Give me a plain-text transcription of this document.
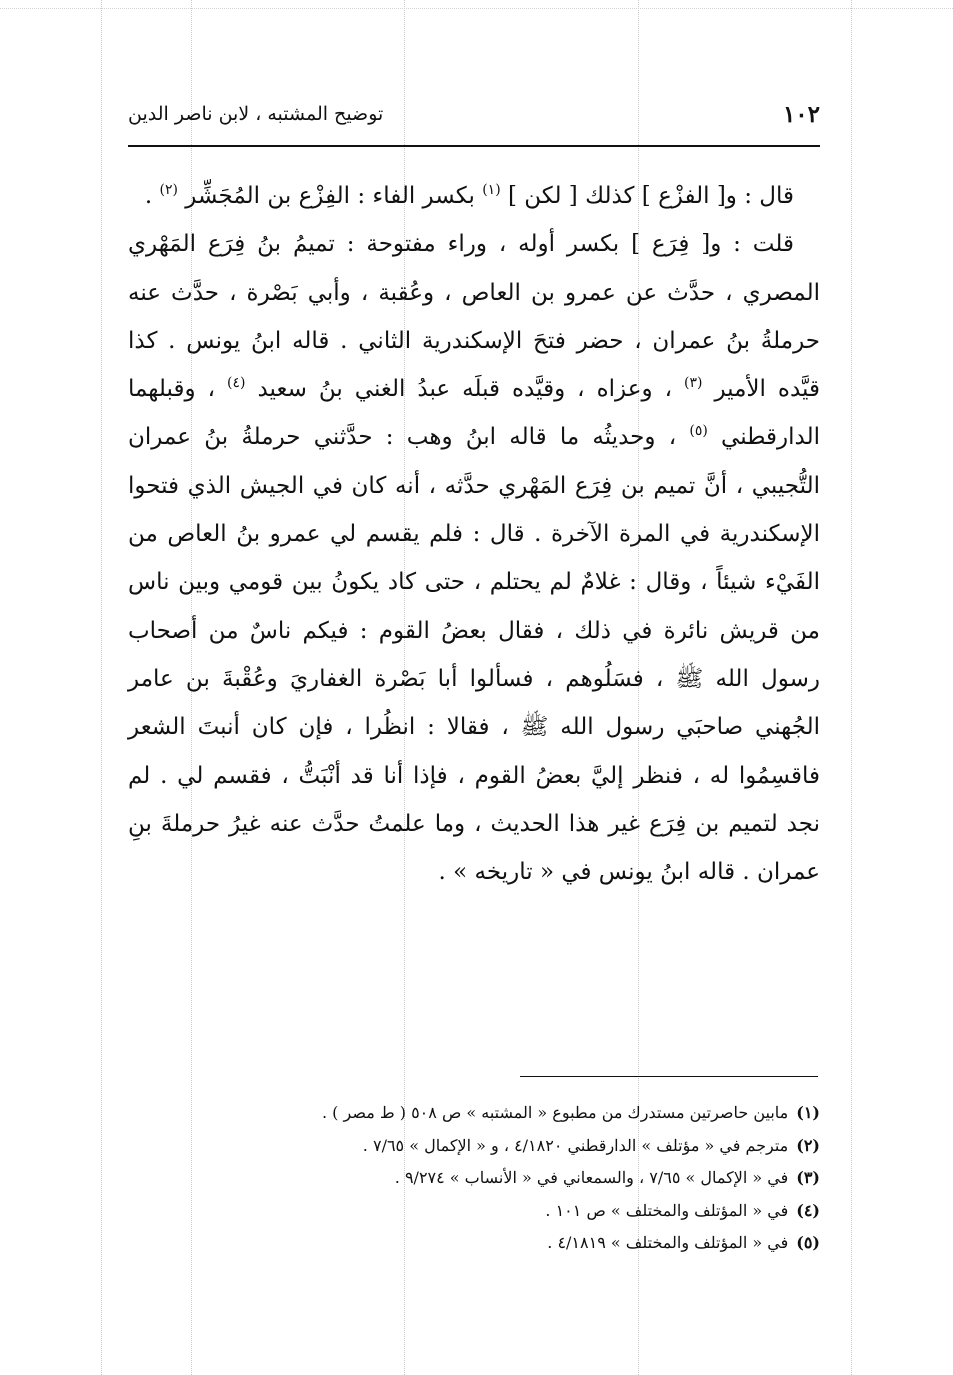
١٠٢
توضيح المشتبه ، لابن ناصر الدين

قال : و[ الفزْع ] كذلك [ لكن ] $^{(١)}$ بكسر الفاء : الفِزْع بن المُجَشِّر $^{(٢)}$ .

قلت : و[ فِرَع ] بكسر أوله ، وراء مفتوحة : تميمُ بنُ فِرَع المَهْري المصري ، حدَّث عن عمرو بن العاص ، وعُقبة ، وأبي بَصْرة ، حدَّث عنه حرملةُ بنُ عمران ، حضر فتحَ الإسكندرية الثاني . قاله ابنُ يونس . كذا قيَّده الأمير $^{(٣)}$ ، وعزاه ، وقيَّده قبلَه عبدُ الغني بنُ سعيد $^{(٤)}$ ، وقبلهما الدارقطني $^{(٥)}$ ، وحديثُه ما قاله ابنُ وهب : حدَّثني حرملةُ بنُ عمران التُّجيبي ، أنَّ تميم بن فِرَع المَهْري حدَّثه ، أنه كان في الجيش الذي فتحوا الإسكندرية في المرة الآخرة . قال : فلم يقسم لي عمرو بنُ العاص من الفَيْء شيئاً ، وقال : غلامٌ لم يحتلم ، حتى كاد يكونُ بين قومي وبين ناس من قريش نائرة في ذلك ، فقال بعضُ القوم : فيكم ناسٌ من أصحاب رسول الله ﷺ ، فسَلُوهم ، فسألوا أبا بَصْرة الغفاريَ وعُقْبةَ بن عامر الجُهني صاحبَي رسول الله ﷺ ، فقالا : انظُرا ، فإن كان أنبتَ الشعر فاقسِمُوا له ، فنظر إليَّ بعضُ القوم ، فإذا أنا قد أنْبَتُّ ، فقسم لي . لم نجد لتميم بن فِرَع غير هذا الحديث ، وما علمتُ حدَّث عنه غيرُ حرملةَ بنِ عمران . قاله ابنُ يونس في « تاريخه » .

(١)مابين حاصرتين مستدرك من مطبوع « المشتبه » ص ٥٠٨ ( ط مصر ) .
(٢)مترجم في « مؤتلف » الدارقطني ٤/١٨٢٠ ، و « الإكمال » ٧/٦٥ .
(٣)في « الإكمال » ٧/٦٥ ، والسمعاني في « الأنساب » ٩/٢٧٤ .
(٤)في « المؤتلف والمختلف » ص ١٠١ .
(٥)في « المؤتلف والمختلف » ٤/١٨١٩ .
